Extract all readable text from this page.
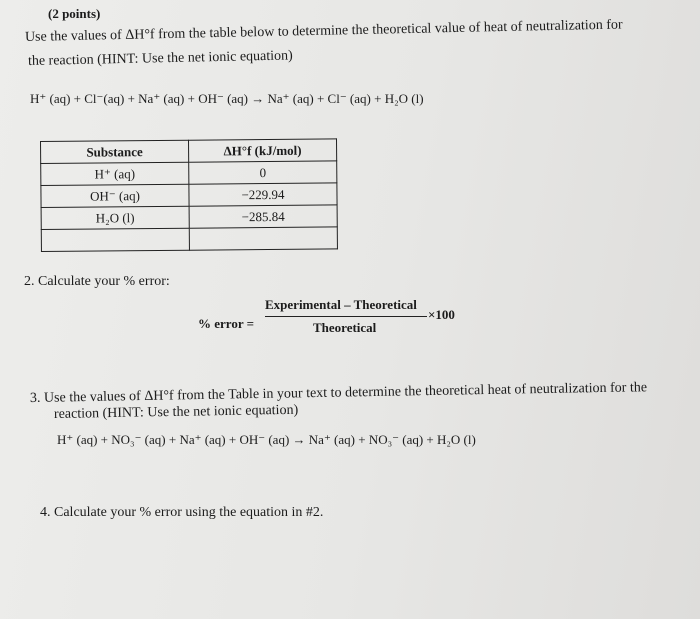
(2 points)
Use the values of ΔH°f from the table below to determine the theoretical value of heat of neutralization for
the reaction (HINT: Use the net ionic equation)
H⁺ (aq) + Cl⁻(aq) + Na⁺ (aq) + OH⁻ (aq) → Na⁺ (aq) + Cl⁻ (aq) + H₂O (l)
Substance	ΔH°f (kJ/mol)
H⁺ (aq)	0
OH⁻ (aq)	−229.94
H₂O (l)	−285.84

2. Calculate your % error:
% error =
Experimental – Theoretical
Theoretical
×100
3. Use the values of ΔH°f from the Table in your text to determine the theoretical heat of neutralization for the
reaction (HINT: Use the net ionic equation)
H⁺ (aq) + NO₃⁻ (aq) + Na⁺ (aq) + OH⁻ (aq) → Na⁺ (aq) + NO₃⁻ (aq) + H₂O (l)
4. Calculate your % error using the equation in #2.
